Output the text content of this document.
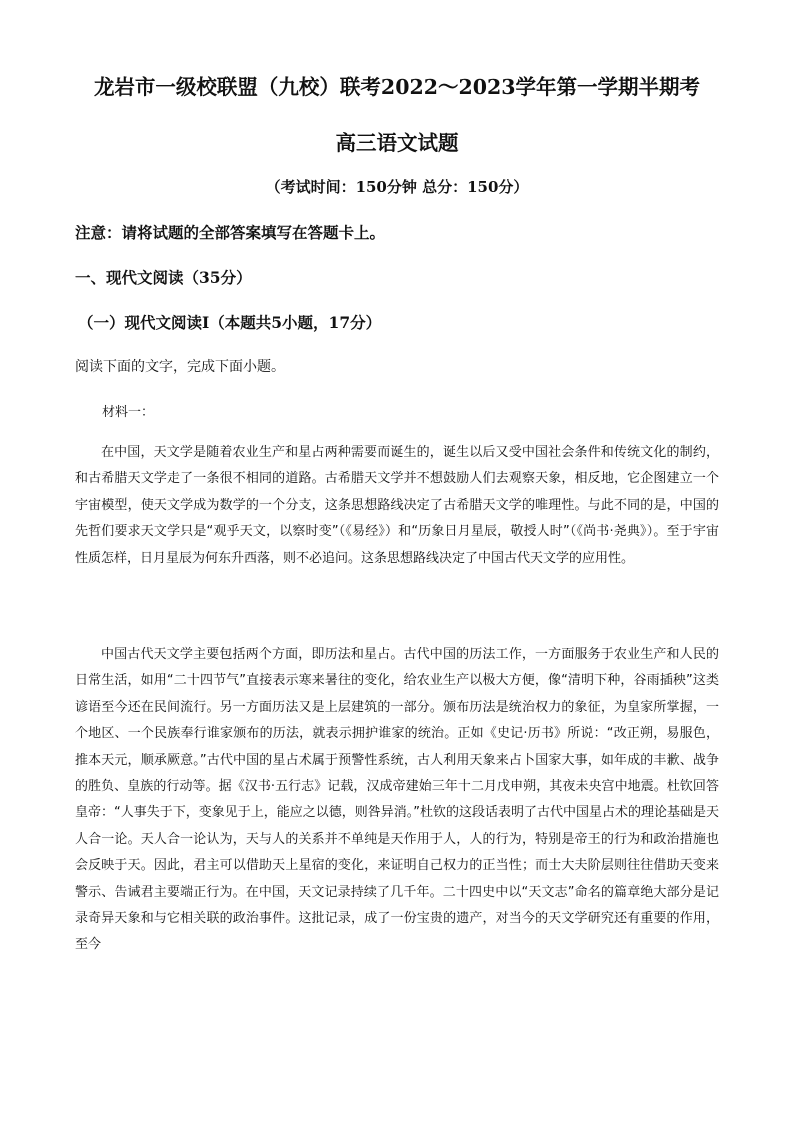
龙岩市一级校联盟（九校）联考2022～2023学年第一学期半期考
高三语文试题
（考试时间：150分钟 总分：150分）
注意：请将试题的全部答案填写在答题卡上。
一、现代文阅读（35分）
（一）现代文阅读Ⅰ（本题共5小题，17分）
阅读下面的文字，完成下面小题。
材料一：

在中国，天文学是随着农业生产和星占两种需要而诞生的，诞生以后又受中国社会条件和传统文化的制约，和古希腊天文学走了一条很不相同的道路。古希腊天文学并不想鼓励人们去观察天象，相反地，它企图建立一个宇宙模型，使天文学成为数学的一个分支，这条思想路线决定了古希腊天文学的唯理性。与此不同的是，中国的先哲们要求天文学只是“观乎天文，以察时变”（《易经》）和“历象日月星辰，敬授人时”（《尚书·尧典》）。至于宇宙性质怎样，日月星辰为何东升西落，则不必追问。这条思想路线决定了中国古代天文学的应用性。

中国古代天文学主要包括两个方面，即历法和星占。古代中国的历法工作，一方面服务于农业生产和人民的日常生活，如用“二十四节气”直接表示寒来暑往的变化，给农业生产以极大方便，像“清明下种，谷雨插秧”这类谚语至今还在民间流行。另一方面历法又是上层建筑的一部分。颁布历法是统治权力的象征，为皇家所掌握，一个地区、一个民族奉行谁家颁布的历法，就表示拥护谁家的统治。正如《史记·历书》所说：“改正朔，易服色，推本天元，顺承厥意。”古代中国的星占术属于预警性系统，古人利用天象来占卜国家大事，如年成的丰歉、战争的胜负、皇族的行动等。据《汉书·五行志》记载，汉成帝建始三年十二月戊申朔，其夜未央宫中地震。杜钦回答皇帝：“人事失于下，变象见于上，能应之以德，则咎异消。”杜钦的这段话表明了古代中国星占术的理论基础是天人合一论。天人合一论认为，天与人的关系并不单纯是天作用于人，人的行为，特别是帝王的行为和政治措施也会反映于天。因此，君主可以借助天上星宿的变化，来证明自己权力的正当性；而士大夫阶层则往往借助天变来警示、告诫君主要端正行为。在中国，天文记录持续了几千年。二十四史中以“天文志”命名的篇章绝大部分是记录奇异天象和与它相关联的政治事件。这批记录，成了一份宝贵的遗产，对当今的天文学研究还有重要的作用，至今
